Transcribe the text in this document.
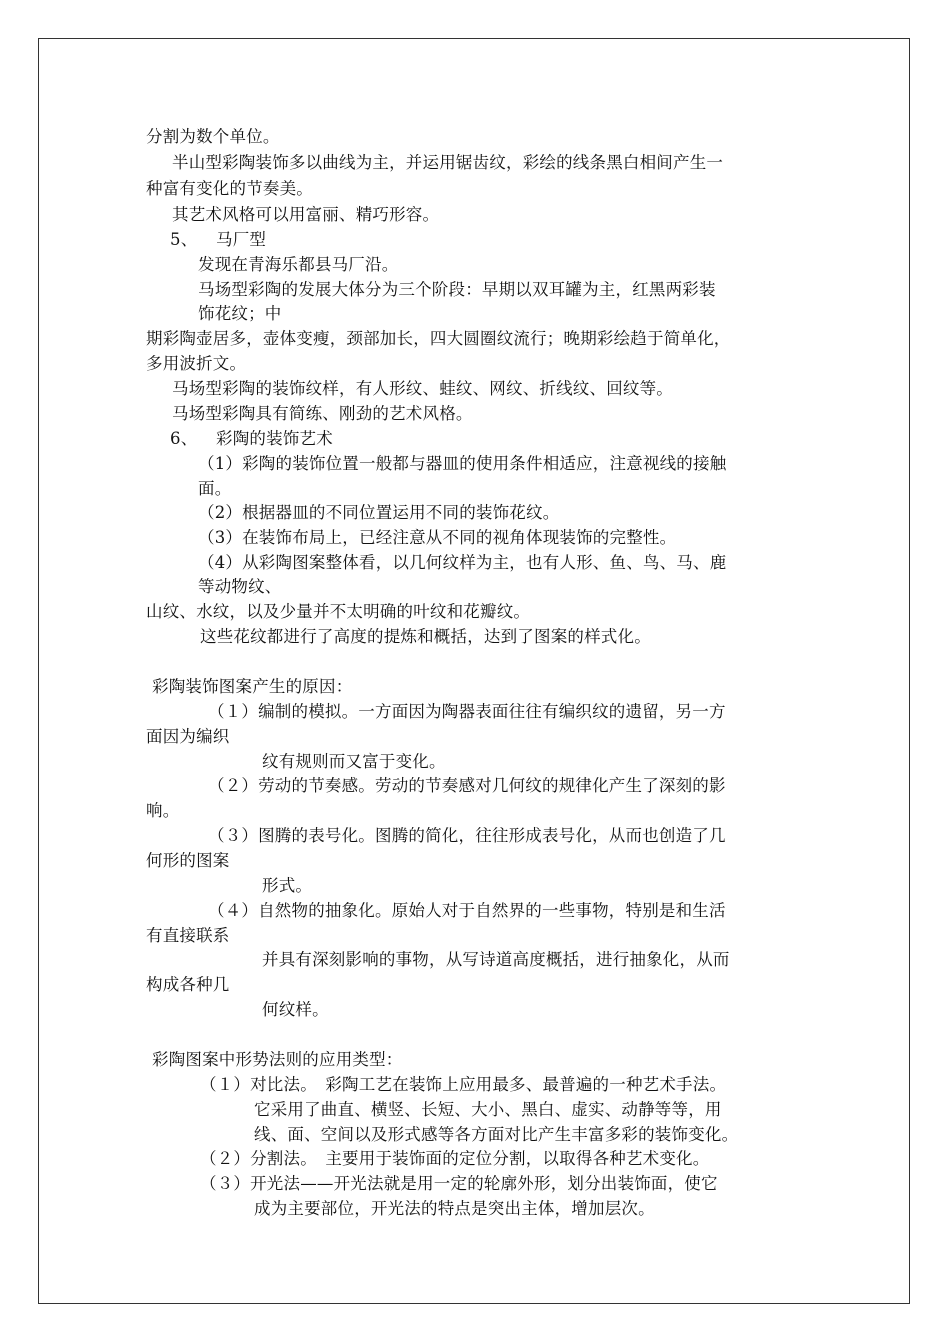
分割为数个单位。
半山型彩陶装饰多以曲线为主，并运用锯齿纹，彩绘的线条黑白相间产生一
种富有变化的节奏美。
其艺术风格可以用富丽、精巧形容。
5、 马厂型
发现在青海乐都县马厂沿。
马场型彩陶的发展大体分为三个阶段：早期以双耳罐为主，红黑两彩装
饰花纹；中
期彩陶壶居多，壶体变瘦，颈部加长，四大圆圈纹流行；晚期彩绘趋于简单化，
多用波折文。
马场型彩陶的装饰纹样，有人形纹、蛙纹、网纹、折线纹、回纹等。
马场型彩陶具有简练、刚劲的艺术风格。
6、 彩陶的装饰艺术
（1）彩陶的装饰位置一般都与器皿的使用条件相适应，注意视线的接触
面。
（2）根据器皿的不同位置运用不同的装饰花纹。
（3）在装饰布局上，已经注意从不同的视角体现装饰的完整性。
（4）从彩陶图案整体看，以几何纹样为主，也有人形、鱼、鸟、马、鹿
等动物纹、
山纹、水纹，以及少量并不太明确的叶纹和花瓣纹。
这些花纹都进行了高度的提炼和概括，达到了图案的样式化。
彩陶装饰图案产生的原因：
（１）编制的模拟。一方面因为陶器表面往往有编织纹的遗留，另一方
面因为编织
纹有规则而又富于变化。
（２）劳动的节奏感。劳动的节奏感对几何纹的规律化产生了深刻的影
响。
（３）图腾的表号化。图腾的简化，往往形成表号化，从而也创造了几
何形的图案
形式。
（４）自然物的抽象化。原始人对于自然界的一些事物，特别是和生活
有直接联系
并具有深刻影响的事物，从写诗道高度概括，进行抽象化，从而
构成各种几
何纹样。
彩陶图案中形势法则的应用类型：
（１）对比法。　彩陶工艺在装饰上应用最多、最普遍的一种艺术手法。
它采用了曲直、横竖、长短、大小、黑白、虚实、动静等等，用
线、面、空间以及形式感等各方面对比产生丰富多彩的装饰变化。
（２）分割法。　主要用于装饰面的定位分割，以取得各种艺术变化。
（３）开光法——开光法就是用一定的轮廓外形，划分出装饰面，使它
成为主要部位，开光法的特点是突出主体，增加层次。
